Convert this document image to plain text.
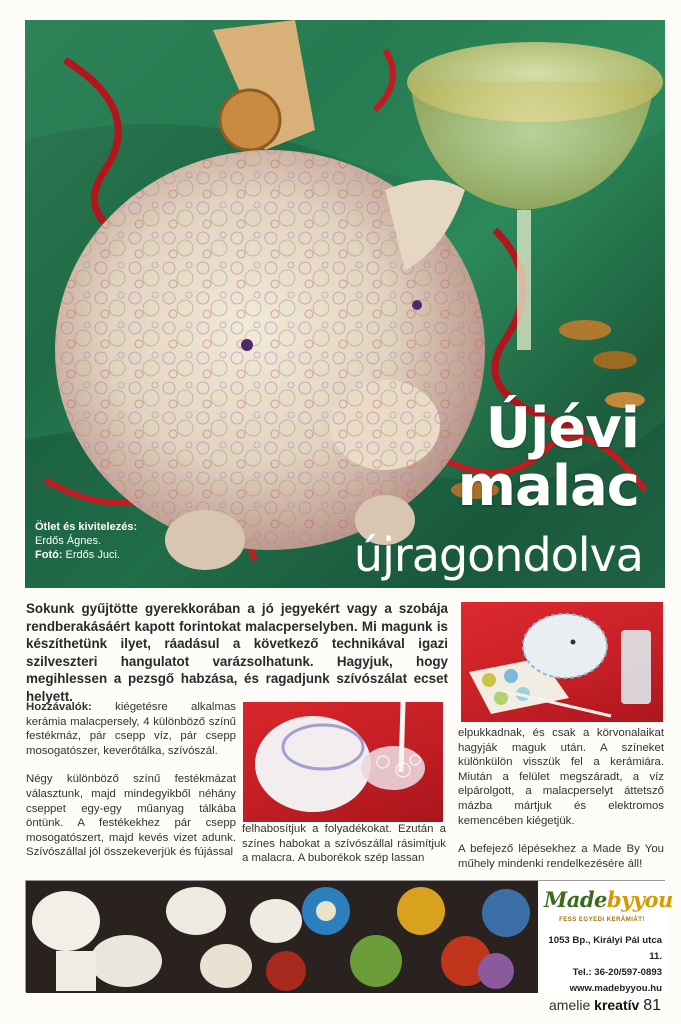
Ötlet és kivitelezés:
Erdős Ágnes.
Fotó: Erdős Juci.
Újévi
malac
újragondolva
Sokunk gyűjtötte gyerekkorában a jó jegyekért vagy a szobája rendberakásáért kapott forintokat malacperselyben. Mi magunk is készíthetünk ilyet, ráadásul a következő technikával igazi szilveszteri hangulatot varázsolhatunk. Hagyjuk, hogy megihlessen a pezsgő habzása, és ragadjunk szívószálat ecset helyett.

Hozzávalók: kiégetésre alkalmas kerámia malacpersely, 4 különböző színű festékmáz, pár csepp víz, pár csepp mosogatószer, keverőtálka, szívószál.

Négy különböző színű festékmázat választunk, majd mindegyikből néhány cseppet egy-egy műanyag tálkába öntünk. A festékekhez pár csepp mosogatószert, majd kevés vizet adunk. Szívószállal jól összekeverjük és fújással

felhabosítjuk a folyadékokat. Ezután a színes habokat a szívószállal rásimítjuk a malacra. A buborékok szép lassan

elpukkadnak, és csak a körvonalaikat hagyják maguk után. A színeket különkülön visszük fel a kerámiára. Miután a felület megszáradt, a víz elpárolgott, a malacperselyt áttetsző mázba mártjuk és elektromos kemencében kiégetjük.

A befejező lépésekhez a Made By You műhely mindenki rendelkezésére áll!

Madebyyou
FESS EGYEDI KERÁMIÁT!
1053 Bp., Királyi Pál utca 11.
Tel.: 36-20/597-0893
www.madebyyou.hu
amelie kreatív 81
